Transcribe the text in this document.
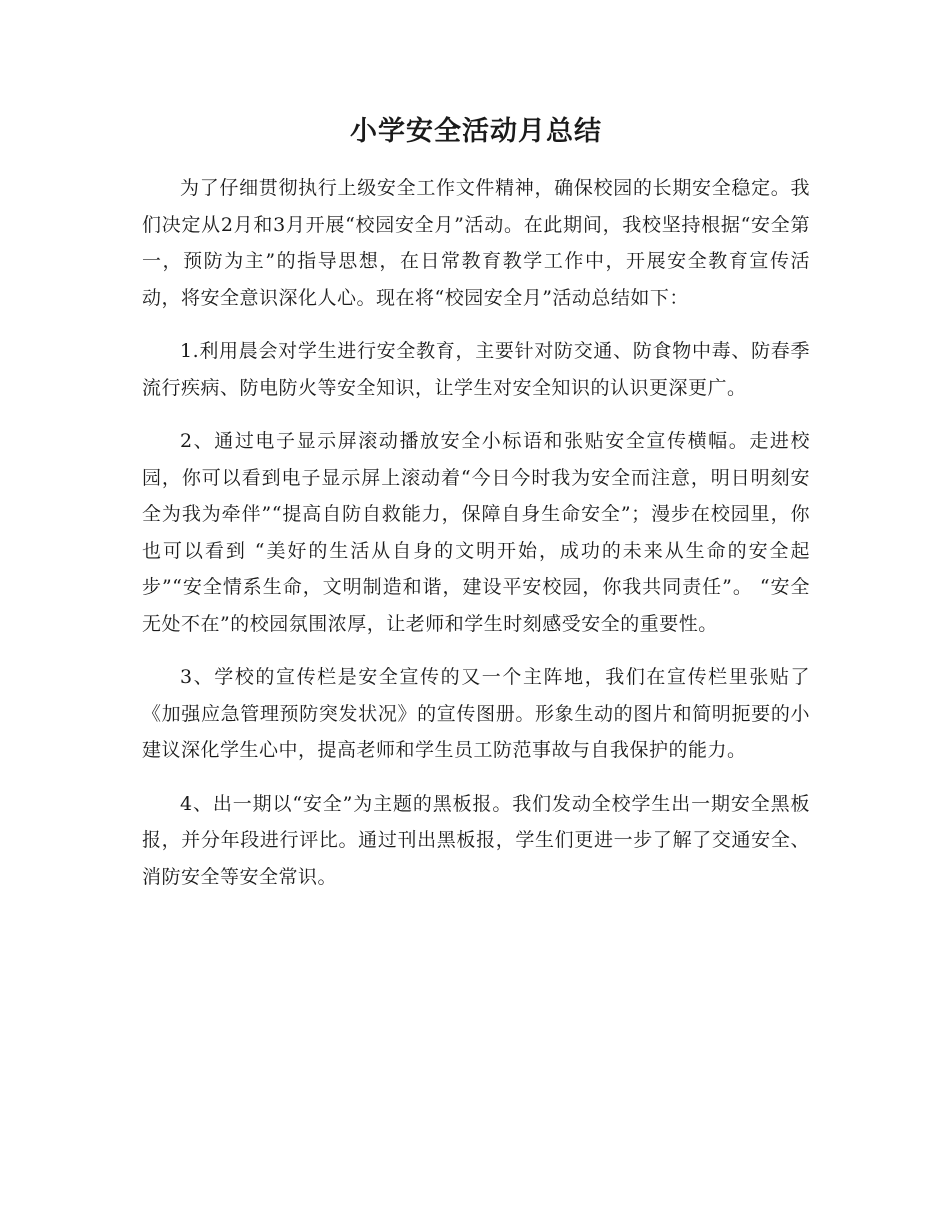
小学安全活动月总结

为了仔细贯彻执行上级安全工作文件精神，确保校园的长期安全稳定。我们决定从2月和3月开展“校园安全月”活动。在此期间，我校坚持根据“安全第一，预防为主”的指导思想，在日常教育教学工作中，开展安全教育宣传活动，将安全意识深化人心。现在将“校园安全月”活动总结如下：

1.利用晨会对学生进行安全教育，主要针对防交通、防食物中毒、防春季流行疾病、防电防火等安全知识，让学生对安全知识的认识更深更广。

2、通过电子显示屏滚动播放安全小标语和张贴安全宣传横幅。走进校园，你可以看到电子显示屏上滚动着“今日今时我为安全而注意，明日明刻安全为我为牵伴”“提高自防自救能力，保障自身生命安全”；漫步在校园里，你也可以看到 “美好的生活从自身的文明开始，成功的未来从生命的安全起步”“安全情系生命，文明制造和谐，建设平安校园，你我共同责任”。 “安全无处不在”的校园氛围浓厚，让老师和学生时刻感受安全的重要性。

3、学校的宣传栏是安全宣传的又一个主阵地，我们在宣传栏里张贴了《加强应急管理预防突发状况》的宣传图册。形象生动的图片和简明扼要的小建议深化学生心中，提高老师和学生员工防范事故与自我保护的能力。

4、出一期以“安全”为主题的黑板报。我们发动全校学生出一期安全黑板报，并分年段进行评比。通过刊出黑板报，学生们更进一步了解了交通安全、消防安全等安全常识。
